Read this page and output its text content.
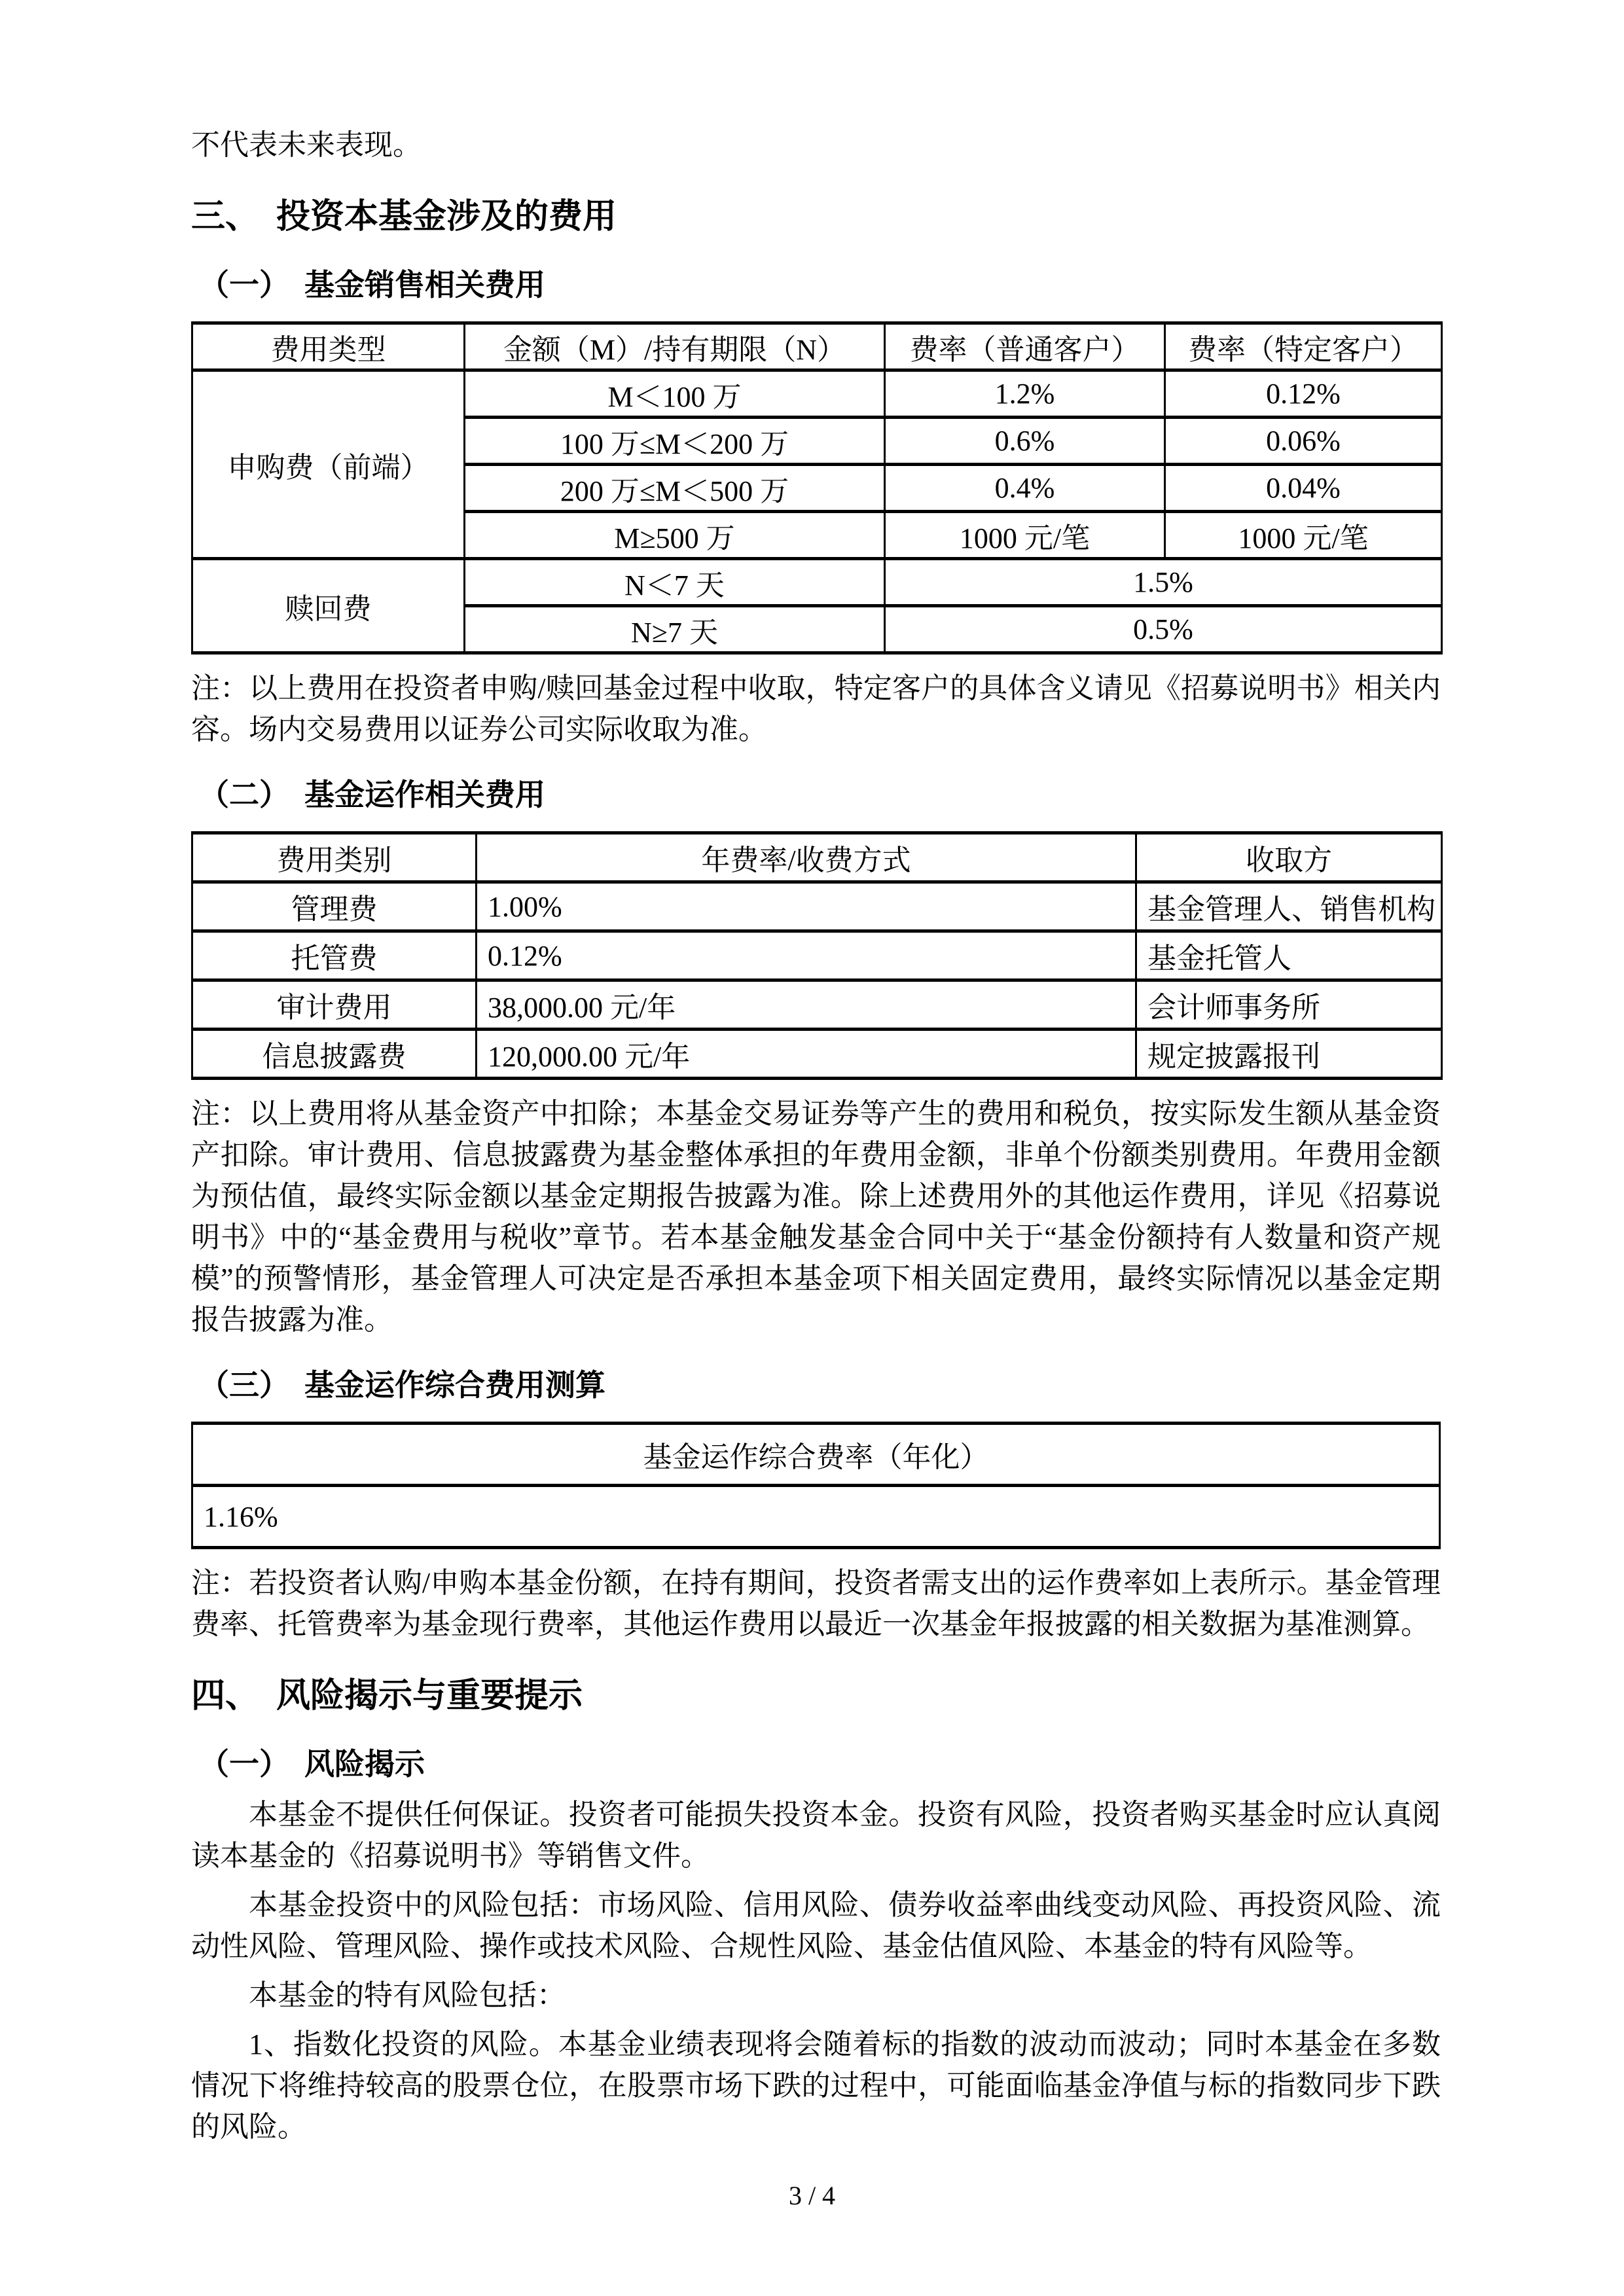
不代表未来表现。

三、　投资本基金涉及的费用
（一）　基金销售相关费用
费用类型	金额（M）/持有期限（N）	费率（普通客户）	费率（特定客户）
申购费（前端）	M＜100 万	1.2%	0.12%
	100 万≤M＜200 万	0.6%	0.06%
	200 万≤M＜500 万	0.4%	0.04%
	M≥500 万	1000 元/笔	1000 元/笔
赎回费	N＜7 天	1.5%	
	N≥7 天	0.5%	

注：以上费用在投资者申购/赎回基金过程中收取，特定客户的具体含义请见《招募说明书》相关内容。场内交易费用以证券公司实际收取为准。

（二）　基金运作相关费用
费用类别	年费率/收费方式	收取方
管理费	1.00%	基金管理人、销售机构
托管费	0.12%	基金托管人
审计费用	38,000.00 元/年	会计师事务所
信息披露费	120,000.00 元/年	规定披露报刊

注：以上费用将从基金资产中扣除；本基金交易证券等产生的费用和税负，按实际发生额从基金资产扣除。审计费用、信息披露费为基金整体承担的年费用金额，非单个份额类别费用。年费用金额为预估值，最终实际金额以基金定期报告披露为准。除上述费用外的其他运作费用，详见《招募说明书》中的“基金费用与税收”章节。若本基金触发基金合同中关于“基金份额持有人数量和资产规模”的预警情形，基金管理人可决定是否承担本基金项下相关固定费用，最终实际情况以基金定期报告披露为准。

（三）　基金运作综合费用测算
基金运作综合费率（年化）
1.16%

注：若投资者认购/申购本基金份额，在持有期间，投资者需支出的运作费率如上表所示。基金管理费率、托管费率为基金现行费率，其他运作费用以最近一次基金年报披露的相关数据为基准测算。

四、　风险揭示与重要提示
（一）　风险揭示

本基金不提供任何保证。投资者可能损失投资本金。投资有风险，投资者购买基金时应认真阅读本基金的《招募说明书》等销售文件。

本基金投资中的风险包括：市场风险、信用风险、债券收益率曲线变动风险、再投资风险、流动性风险、管理风险、操作或技术风险、合规性风险、基金估值风险、本基金的特有风险等。

本基金的特有风险包括：

1、指数化投资的风险。本基金业绩表现将会随着标的指数的波动而波动；同时本基金在多数情况下将维持较高的股票仓位，在股票市场下跌的过程中，可能面临基金净值与标的指数同步下跌的风险。

3 / 4
